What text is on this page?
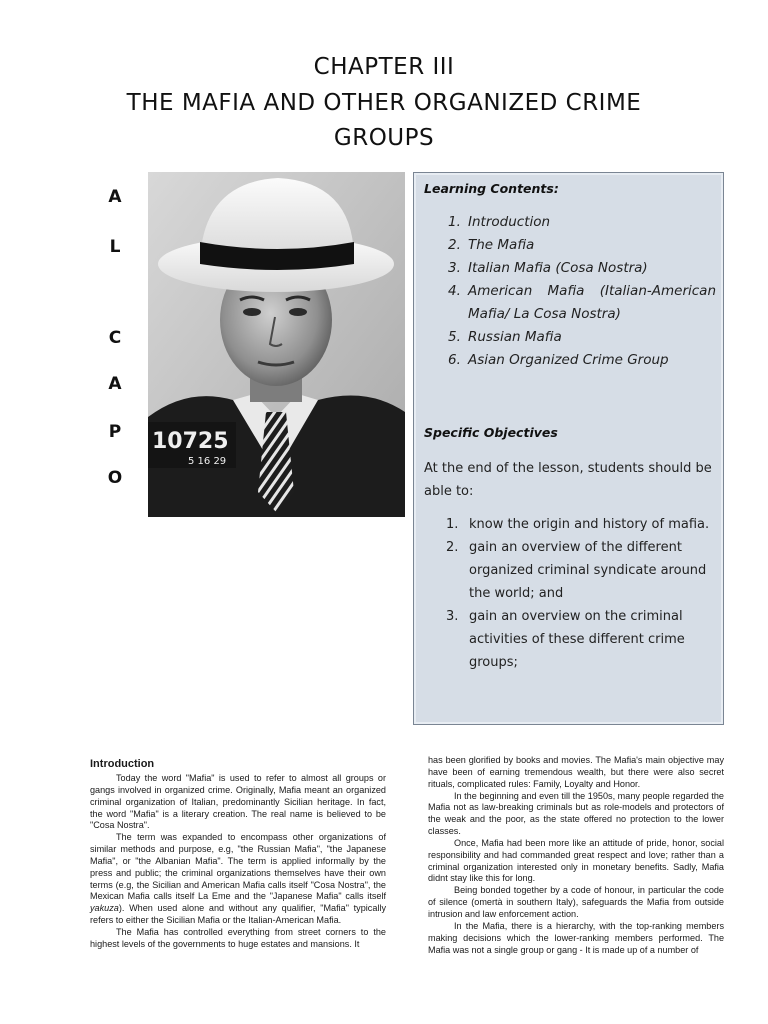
CHAPTER III
THE MAFIA AND OTHER ORGANIZED CRIME
GROUPS
A
L
C
A
P
O
10725
5 16 29
Learning Contents:
1. Introduction
2. The Mafia
3. Italian Mafia (Cosa Nostra)
4. American Mafia (Italian-American Mafia/ La Cosa Nostra)
5. Russian Mafia
6. Asian Organized Crime Group
Specific Objectives
At the end of the lesson, students should be able to:
1. know the origin and history of mafia.
2. gain an overview of the different organized criminal syndicate around the world; and
3. gain an overview on the criminal activities of these different crime groups;
Introduction

Today the word "Mafia" is used to refer to almost all groups or gangs involved in organized crime. Originally, Mafia meant an organized criminal organization of Italian, predominantly Sicilian heritage. In fact, the word "Mafia" is a literary creation. The real name is believed to be "Cosa Nostra".

The term was expanded to encompass other organizations of similar methods and purpose, e.g, "the Russian Mafia", "the Japanese Mafia", or "the Albanian Mafia". The term is applied informally by the press and public; the criminal organizations themselves have their own terms (e.g, the Sicilian and American Mafia calls itself "Cosa Nostra", the Mexican Mafia calls itself La Eme and the "Japanese Mafia" calls itself yakuza). When used alone and without any qualifier, "Mafia" typically refers to either the Sicilian Mafia or the Italian-American Mafia.

The Mafia has controlled everything from street corners to the highest levels of the governments to huge estates and mansions. It

has been glorified by books and movies. The Mafia's main objective may have been of earning tremendous wealth, but there were also secret rituals, complicated rules: Family, Loyalty and Honor.

In the beginning and even till the 1950s, many people regarded the Mafia not as law-breaking criminals but as role-models and protectors of the weak and the poor, as the state offered no protection to the lower classes.

Once, Mafia had been more like an attitude of pride, honor, social responsibility and had commanded great respect and love; rather than a criminal organization interested only in monetary benefits. Sadly, Mafia didnt stay like this for long.

Being bonded together by a code of honour, in particular the code of silence (omertà in southern Italy), safeguards the Mafia from outside intrusion and law enforcement action.

In the Mafia, there is a hierarchy, with the top-ranking members making decisions which the lower-ranking members performed. The Mafia was not a single group or gang - It is made up of a number of
